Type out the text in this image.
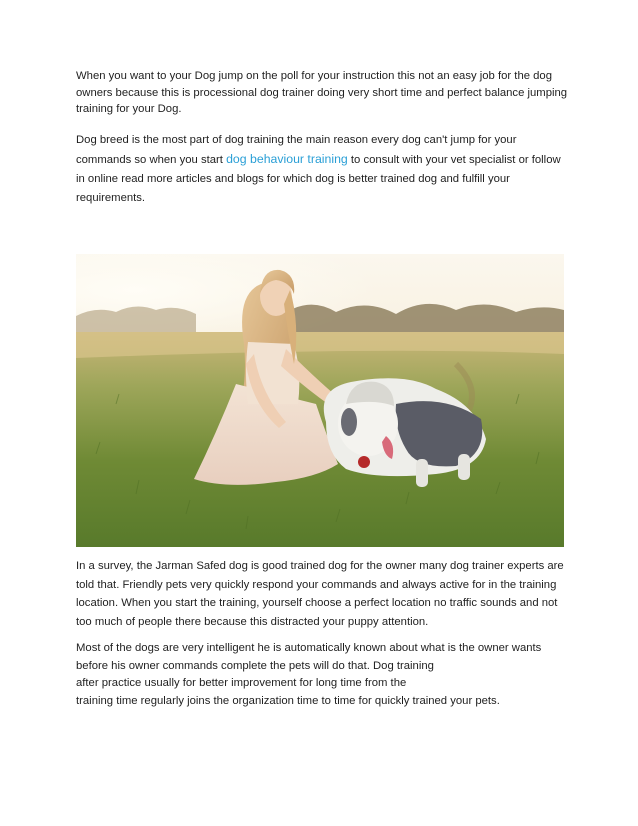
When you want to your Dog jump on the poll for your instruction this not an easy job for the dog owners because this is processional dog trainer doing very short time and perfect balance jumping training for your Dog.

Dog breed is the most part of dog training the main reason every dog can't jump for your commands so when you start dog behaviour training to consult with your vet specialist or follow in online read more articles and blogs for which dog is better trained dog and fulfill your requirements.

In a survey, the Jarman Safed dog is good trained dog for the owner many dog trainer experts are told that. Friendly pets very quickly respond your commands and always active for in the training location. When you start the training, yourself choose a perfect location no traffic sounds and not too much of people there because this distracted your puppy attention.

Most of the dogs are very intelligent he is automatically known about what is the owner wants before his owner commands complete the pets will do that. Dog training

after practice usually for better improvement for long time from the

training time regularly joins the organization time to time for quickly trained your pets.
